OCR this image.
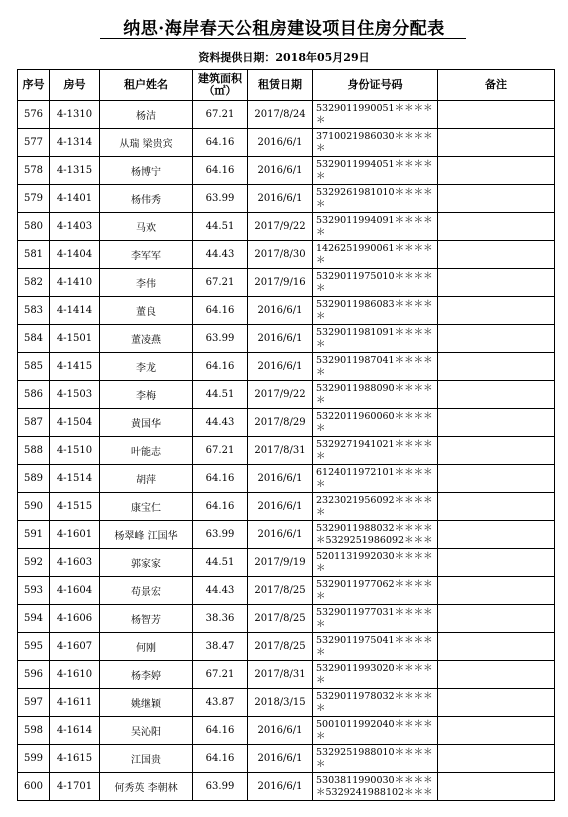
纳思·海岸春天公租房建设项目住房分配表
资料提供日期：2018年05月29日
序号	房号	租户姓名	建筑面积（㎡）	租赁日期	身份证号码	备注
576	4-1310	杨洁	67.21	2017/8/24	5329011990051＊＊＊＊＊	
577	4-1314	从瑞 梁贵宾	64.16	2016/6/1	3710021986030＊＊＊＊＊	
578	4-1315	杨博宁	64.16	2016/6/1	5329011994051＊＊＊＊＊	
579	4-1401	杨伟秀	63.99	2016/6/1	5329261981010＊＊＊＊＊	
580	4-1403	马欢	44.51	2017/9/22	5329011994091＊＊＊＊＊	
581	4-1404	李军军	44.43	2017/8/30	1426251990061＊＊＊＊＊	
582	4-1410	李伟	67.21	2017/9/16	5329011975010＊＊＊＊＊	
583	4-1414	董良	64.16	2016/6/1	5329011986083＊＊＊＊＊	
584	4-1501	董凌燕	63.99	2016/6/1	5329011981091＊＊＊＊＊	
585	4-1415	李龙	64.16	2016/6/1	5329011987041＊＊＊＊＊	
586	4-1503	李梅	44.51	2017/9/22	5329011988090＊＊＊＊＊	
587	4-1504	黄国华	44.43	2017/8/29	5322011960060＊＊＊＊＊	
588	4-1510	叶能志	67.21	2017/8/31	5329271941021＊＊＊＊＊	
589	4-1514	胡萍	64.16	2016/6/1	6124011972101＊＊＊＊＊	
590	4-1515	康宝仁	64.16	2016/6/1	2323021956092＊＊＊＊＊	
591	4-1601	杨翠峰 江国华	63.99	2016/6/1	5329011988032＊＊＊＊＊5329251986092＊＊＊	
592	4-1603	郭家家	44.51	2017/9/19	5201131992030＊＊＊＊＊	
593	4-1604	苟景宏	44.43	2017/8/25	5329011977062＊＊＊＊＊	
594	4-1606	杨智芳	38.36	2017/8/25	5329011977031＊＊＊＊＊	
595	4-1607	何刚	38.47	2017/8/25	5329011975041＊＊＊＊＊	
596	4-1610	杨李婷	67.21	2017/8/31	5329011993020＊＊＊＊＊	
597	4-1611	姚继颖	43.87	2018/3/15	5329011978032＊＊＊＊＊	
598	4-1614	吴沁阳	64.16	2016/6/1	5001011992040＊＊＊＊＊	
599	4-1615	江国贵	64.16	2016/6/1	5329251988010＊＊＊＊＊	
600	4-1701	何秀英 李朝林	63.99	2016/6/1	5303811990030＊＊＊＊＊5329241988102＊＊＊	
